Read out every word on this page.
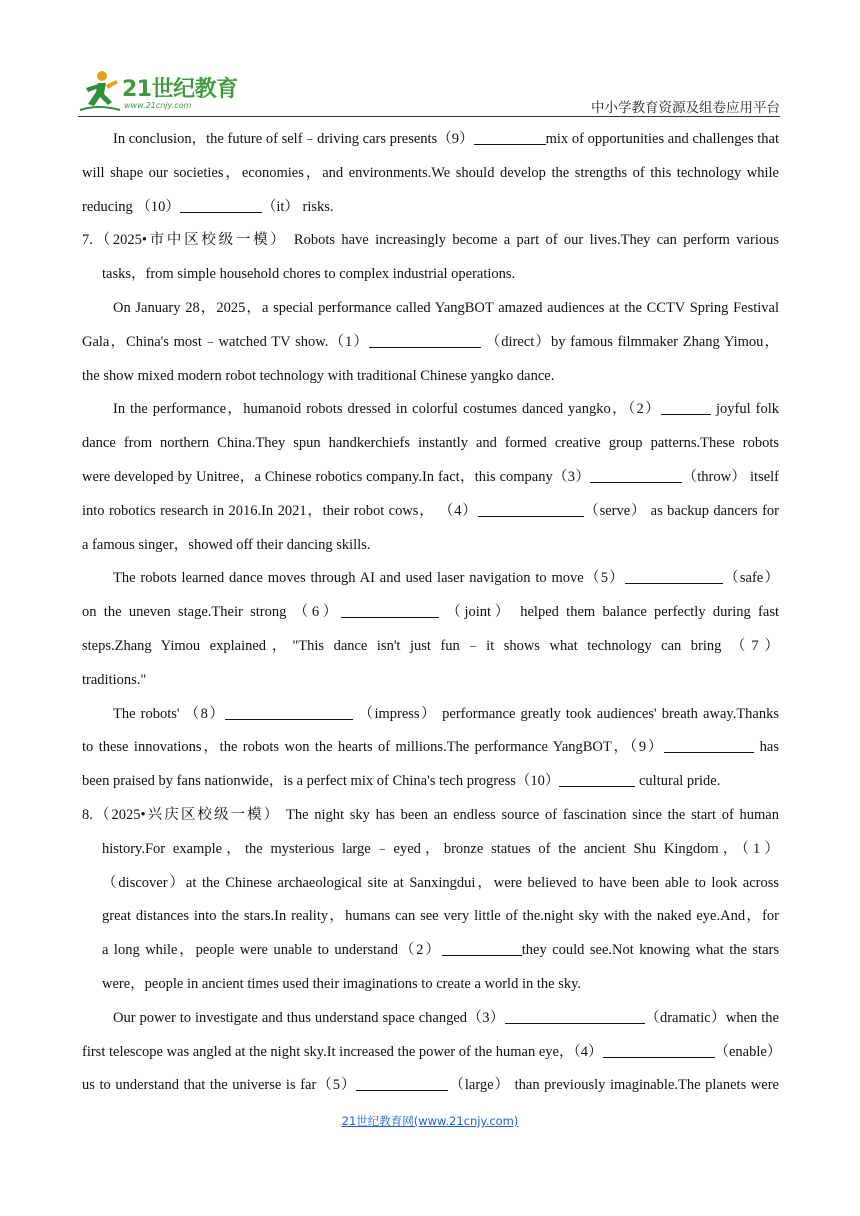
21世纪教育
www.21cnjy.com	中小学教育资源及组卷应用平台
In conclusion，the future of self﹣driving cars presents（9）	mix of opportunities and challenges that
will shape our societies，economies，and environments.We should develop the strengths of this technology while
reducing （10）	（it） risks.
7.（2025•市中区校级一模） Robots have increasingly become a part of our lives.They can perform various
tasks，from simple household chores to complex industrial operations.
On January 28，2025，a special performance called YangBOT amazed audiences at the CCTV Spring Festival
Gala，China's most﹣watched TV show.（1）	（direct）by famous filmmaker Zhang Yimou，
the show mixed modern robot technology with traditional Chinese yangko dance.
In the performance，humanoid robots dressed in colorful costumes danced yangko，（2）	joyful folk
dance from northern China.They spun handkerchiefs instantly and formed creative group patterns.These robots
were developed by Unitree，a Chinese robotics company.In fact，this company（3）	（throw） itself
into robotics research in 2016.In 2021，their robot cows， （4）	（serve） as backup dancers for
a famous singer，showed off their dancing skills.
The robots learned dance moves through AI and used laser navigation to move（5）	（safe）
on the uneven stage.Their strong （6）	（joint） helped them balance perfectly during fast
steps.Zhang Yimou explained，"This dance isn't just fun﹣it shows what technology can bring （7）
traditions."
The robots' （8）	（impress） performance greatly took audiences' breath away.Thanks
to these innovations，the robots won the hearts of millions.The performance YangBOT，（9）	has
been praised by fans nationwide，is a perfect mix of China's tech progress（10）	cultural pride.
8.（2025•兴庆区校级一模） The night sky has been an endless source of fascination since the start of human
history.For example，the mysterious large﹣eyed，bronze statues of the ancient Shu Kingdom，（1）
（discover）at the Chinese archaeological site at Sanxingdui，were believed to have been able to look across
great distances into the stars.In reality，humans can see very little of the.night sky with the naked eye.And，for
a long while，people were unable to understand（2）	they could see.Not knowing what the stars
were，people in ancient times used their imaginations to create a world in the sky.
Our power to investigate and thus understand space changed（3）	（dramatic）when the
first telescope was angled at the night sky.It increased the power of the human eye，（4）	（enable）
us to understand that the universe is far（5）	（large） than previously imaginable.The planets were
21世纪教育网(www.21cnjy.com)
